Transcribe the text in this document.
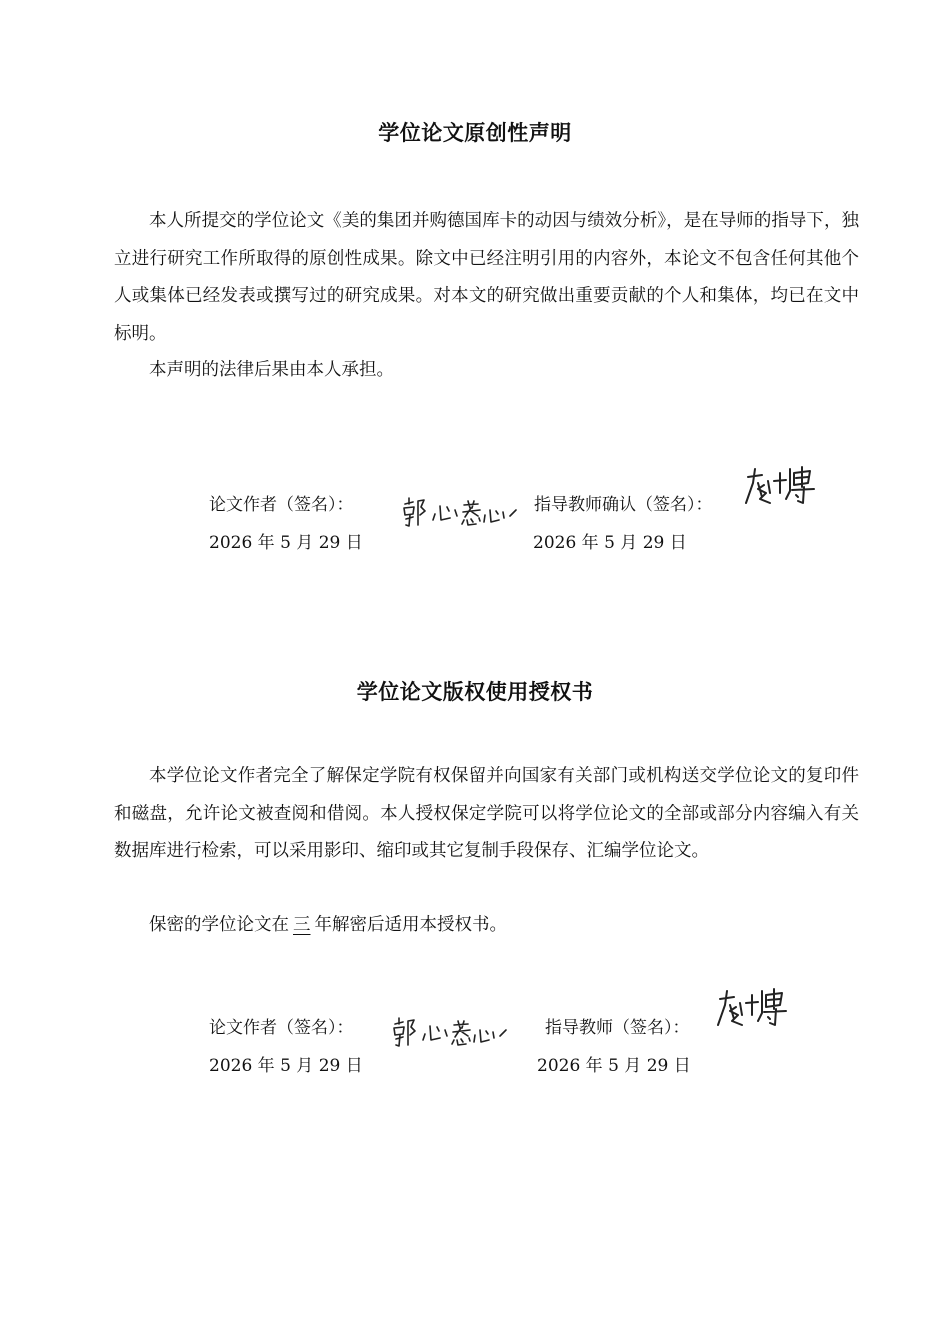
学位论文原创性声明

本人所提交的学位论文《美的集团并购德国库卡的动因与绩效分析》，是在导师的指导下，独立进行研究工作所取得的原创性成果。除文中已经注明引用的内容外，本论文不包含任何其他个人或集体已经发表或撰写过的研究成果。对本文的研究做出重要贡献的个人和集体，均已在文中标明。

本声明的法律后果由本人承担。

论文作者（签名）：
2026 年 5 月 29 日
指导教师确认（签名）：
2026 年 5 月 29 日
学位论文版权使用授权书

本学位论文作者完全了解保定学院有权保留并向国家有关部门或机构送交学位论文的复印件和磁盘，允许论文被查阅和借阅。本人授权保定学院可以将学位论文的全部或部分内容编入有关数据库进行检索，可以采用影印、缩印或其它复制手段保存、汇编学位论文。

保密的学位论文在 三 年解密后适用本授权书。

论文作者（签名）：
2026 年 5 月 29 日
指导教师（签名）：
2026 年 5 月 29 日
